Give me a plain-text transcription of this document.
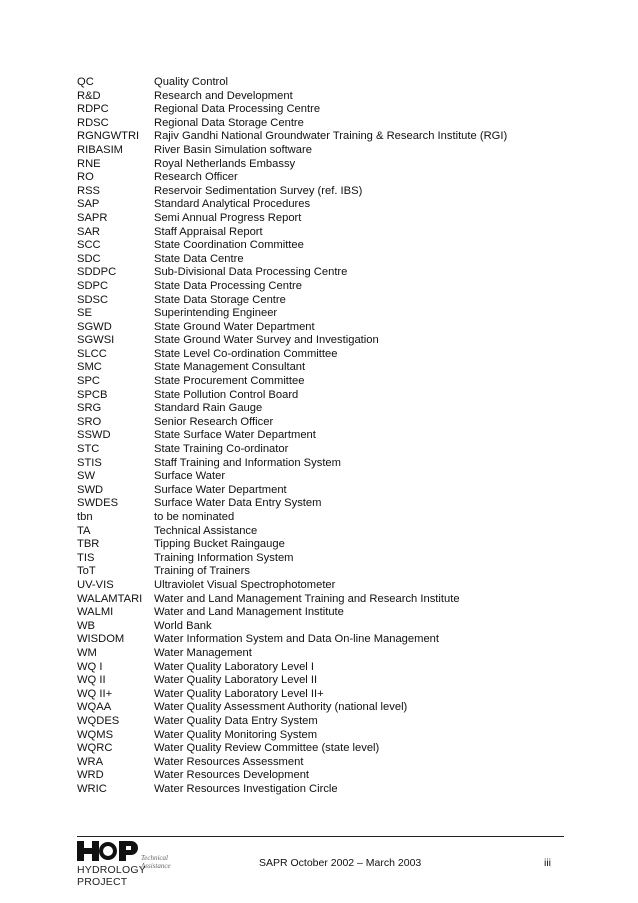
QC	Quality Control
R&D	Research and Development
RDPC	Regional Data Processing Centre
RDSC	Regional Data Storage Centre
RGNGWTRI	Rajiv Gandhi National Groundwater Training & Research Institute (RGI)
RIBASIM	River Basin Simulation software
RNE	Royal Netherlands Embassy
RO	Research Officer
RSS	Reservoir Sedimentation Survey (ref. IBS)
SAP	Standard Analytical Procedures
SAPR	Semi Annual Progress Report
SAR	Staff Appraisal Report
SCC	State Coordination Committee
SDC	State Data Centre
SDDPC	Sub-Divisional Data Processing Centre
SDPC	State Data Processing Centre
SDSC	State Data Storage Centre
SE	Superintending Engineer
SGWD	State Ground Water Department
SGWSI	State Ground Water Survey and Investigation
SLCC	State Level Co-ordination Committee
SMC	State Management Consultant
SPC	State Procurement Committee
SPCB	State Pollution Control Board
SRG	Standard Rain Gauge
SRO	Senior Research Officer
SSWD	State Surface Water Department
STC	State Training Co-ordinator
STIS	Staff Training and Information System
SW	Surface Water
SWD	Surface Water Department
SWDES	Surface Water Data Entry System
tbn	to be nominated
TA	Technical Assistance
TBR	Tipping Bucket Raingauge
TIS	Training Information System
ToT	Training of Trainers
UV-VIS	Ultraviolet Visual Spectrophotometer
WALAMTARI	Water and Land Management Training and Research Institute
WALMI	Water and Land Management Institute
WB	World Bank
WISDOM	Water Information System and Data On-line Management
WM	Water Management
WQ I	Water Quality Laboratory Level I
WQ II	Water Quality Laboratory Level II
WQ II+	Water Quality Laboratory Level II+
WQAA	Water Quality Assessment Authority (national level)
WQDES	Water Quality Data Entry System
WQMS	Water Quality Monitoring System
WQRC	Water Quality Review Committee (state level)
WRA	Water Resources Assessment
WRD	Water Resources Development
WRIC	Water Resources Investigation Circle
Technical Assistance
HYDROLOGY PROJECT
SAPR October 2002 – March 2003	iii
